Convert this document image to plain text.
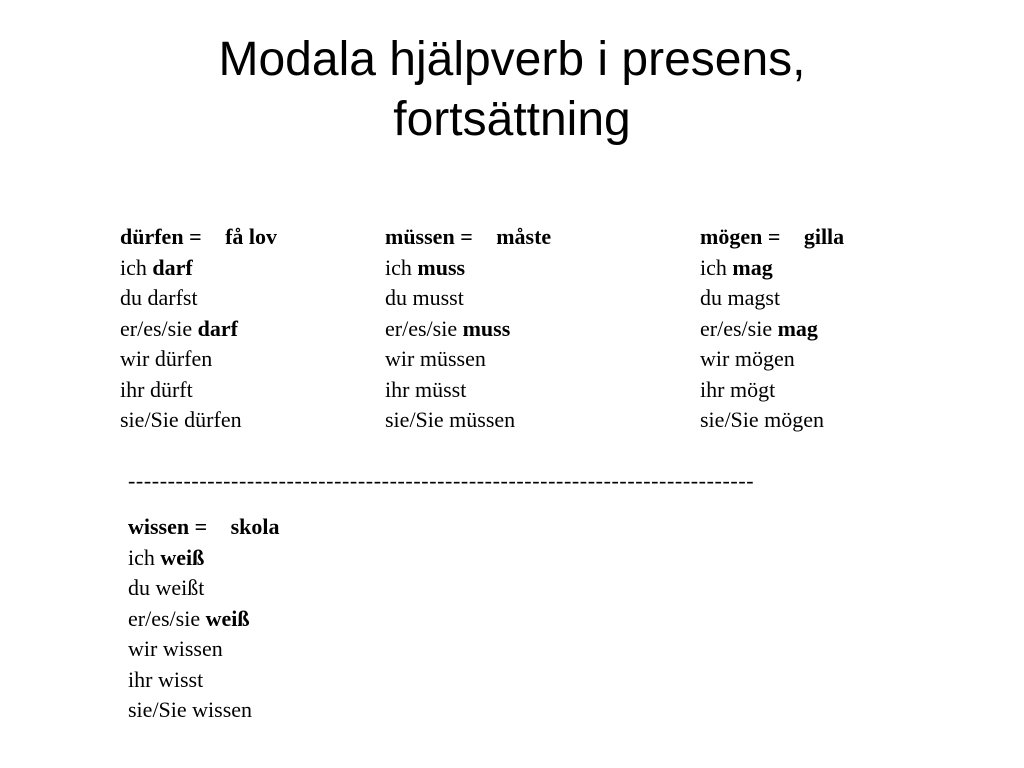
Modala hjälpverb i presens,
fortsättning
dürfen = få lov
ich darf
du darfst
er/es/sie darf
wir dürfen
ihr dürft
sie/Sie dürfen
müssen = måste
ich muss
du musst
er/es/sie muss
wir müssen
ihr müsst
sie/Sie müssen
mögen = gilla
ich mag
du magst
er/es/sie mag
wir mögen
ihr mögt
sie/Sie mögen
-------------------------------------------------------------------------------
wissen = skola
ich weiß
du weißt
er/es/sie weiß
wir wissen
ihr wisst
sie/Sie wissen
